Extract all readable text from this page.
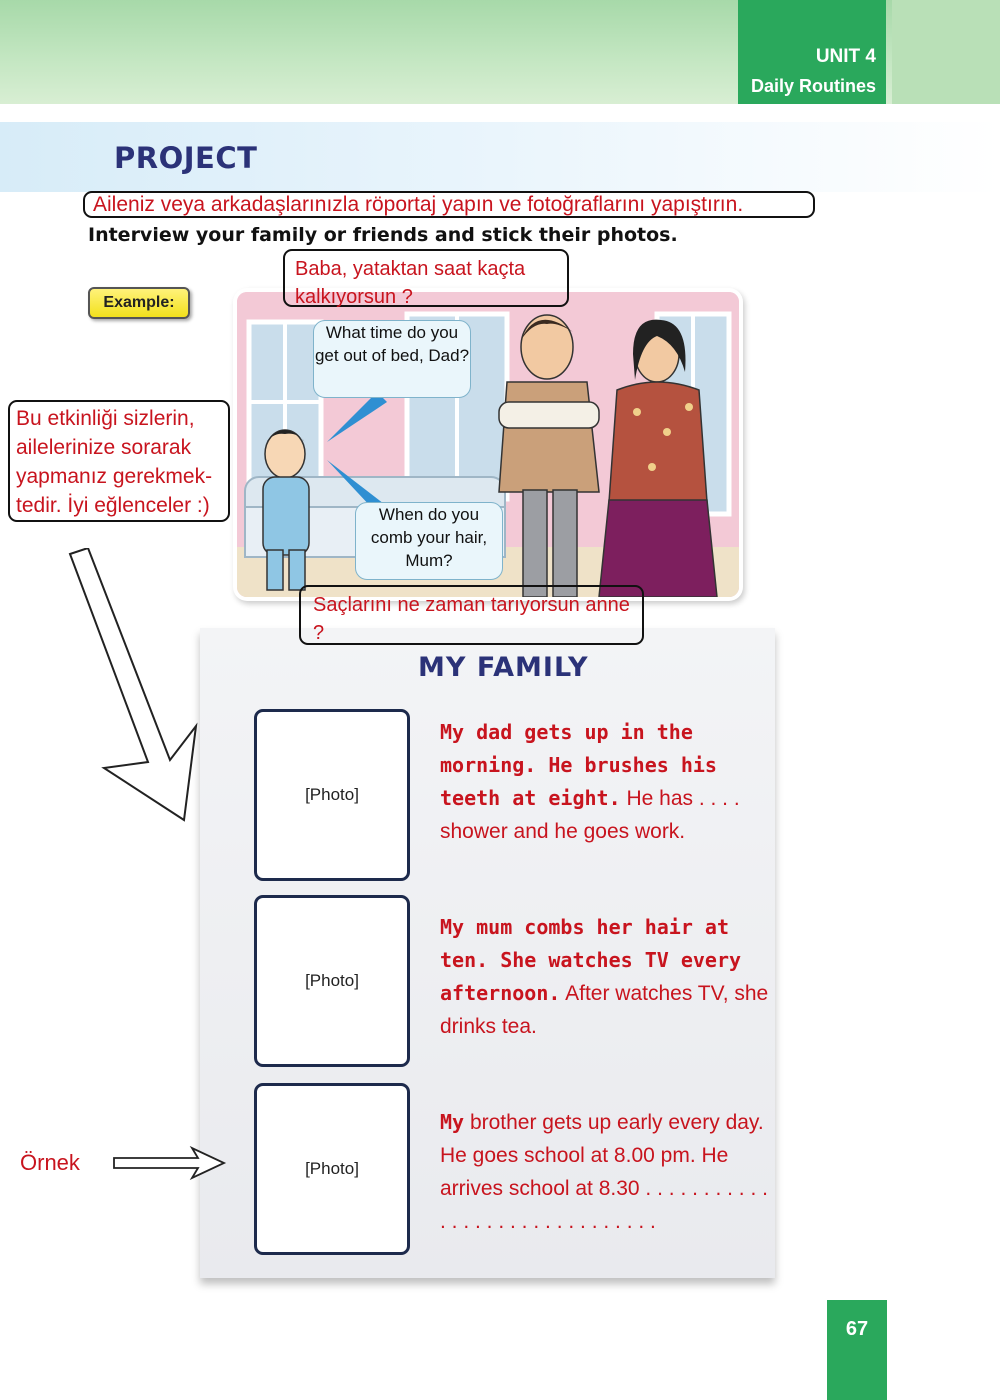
UNIT 4
Daily Routines
PROJECT
Aileniz veya arkadaşlarınızla röportaj yapın ve fotoğraflarını yapıştırın.
Interview your family or friends and stick their photos.
Example:
What time do you get out of bed, Dad?
When do you comb your hair, Mum?
Baba, yataktan saat kaçta kalkıyorsun ?
Bu etkinliği sizlerin, ailelerinize sorarak yapmanız gerekmek-tedir. İyi eğlenceler :)
Saçlarını ne zaman tarıyorsun anne ?
MY FAMILY
[Photo]
[Photo]
[Photo]
My dad gets up in the morning. He brushes his teeth at eight. He has . . . . shower and he goes work.
My mum combs her hair at ten. She watches TV every afternoon. After watches TV, she drinks tea.
My brother gets up early every day. He goes school at 8.00 pm. He arrives school at 8.30 . . . . . . . . . . . . . . . . . . . . . . . . . . . . . .
Örnek
67
